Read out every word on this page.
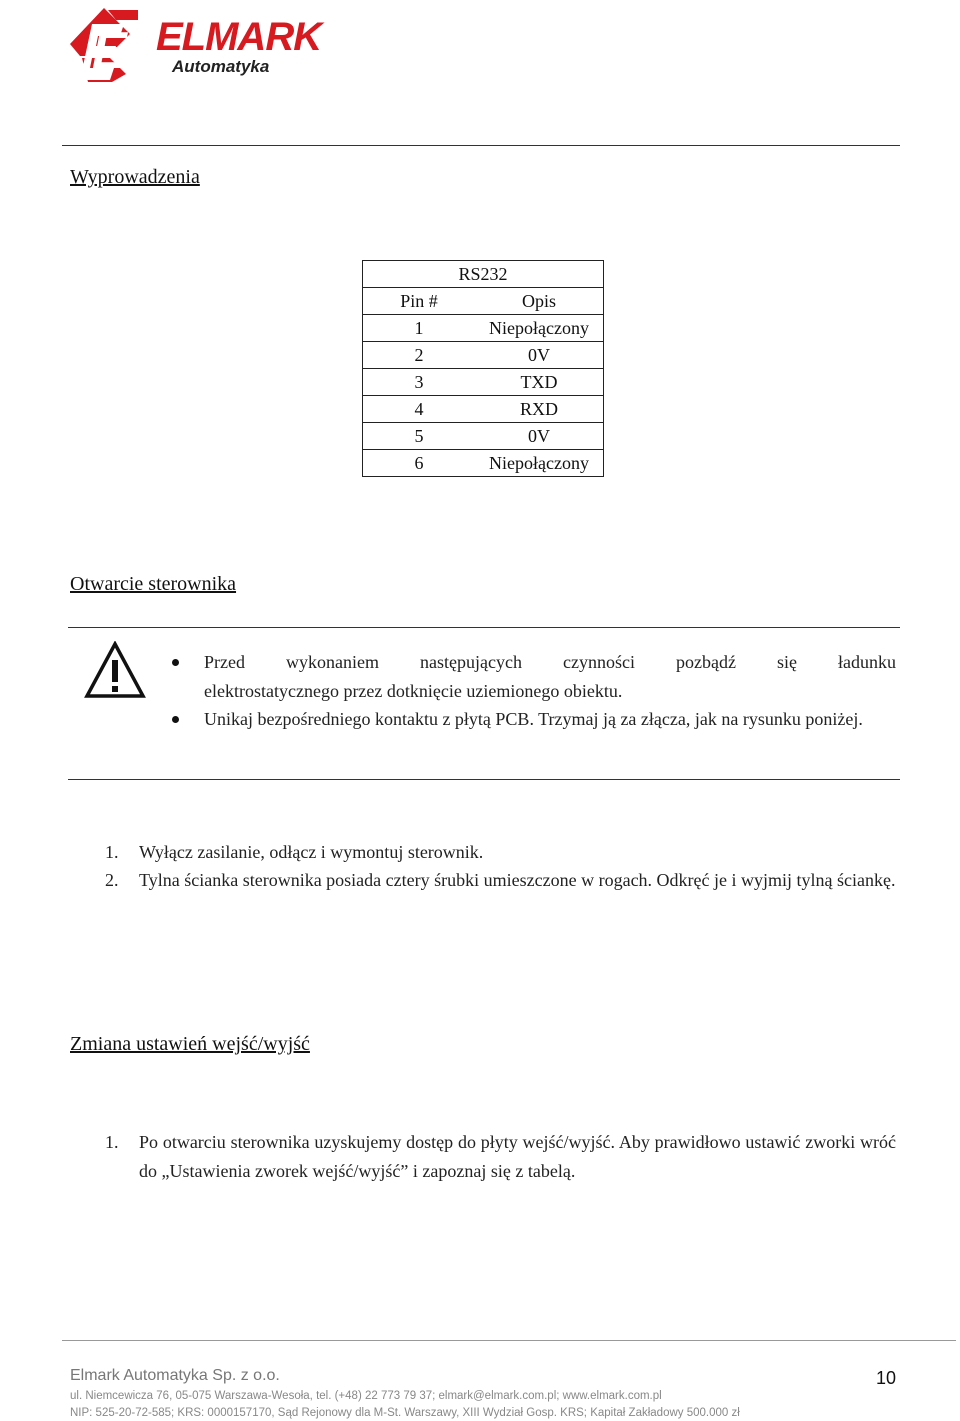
E ELMARK
Automatyka
Wyprowadzenia
RS232	
Pin #	Opis
1	Niepołączony
2	0V
3	TXD
4	RXD
5	0V
6	Niepołączony
Otwarcie sterownika
Przed wykonaniem następujących czynności pozbądź się ładunku
elektrostatycznego przez dotknięcie uziemionego obiektu.
Unikaj bezpośredniego kontaktu z płytą PCB. Trzymaj ją za złącza, jak na rysunku poniżej.
1. Wyłącz zasilanie, odłącz i wymontuj sterownik.
2. Tylna ścianka sterownika posiada cztery śrubki umieszczone w rogach. Odkręć je i wyjmij tylną ściankę.
Zmiana ustawień wejść/wyjść
1. Po otwarciu sterownika uzyskujemy dostęp do płyty wejść/wyjść. Aby prawidłowo ustawić zworki wróć do „Ustawienia zworek wejść/wyjść” i zapoznaj się z tabelą.
Elmark Automatyka Sp. z o.o.
ul. Niemcewicza 76, 05-075 Warszawa-Wesoła, tel. (+48) 22 773 79 37; elmark@elmark.com.pl; www.elmark.com.pl
NIP: 525-20-72-585; KRS: 0000157170, Sąd Rejonowy dla M-St. Warszawy, XIII Wydział Gosp. KRS; Kapitał Zakładowy 500.000 zł
10
